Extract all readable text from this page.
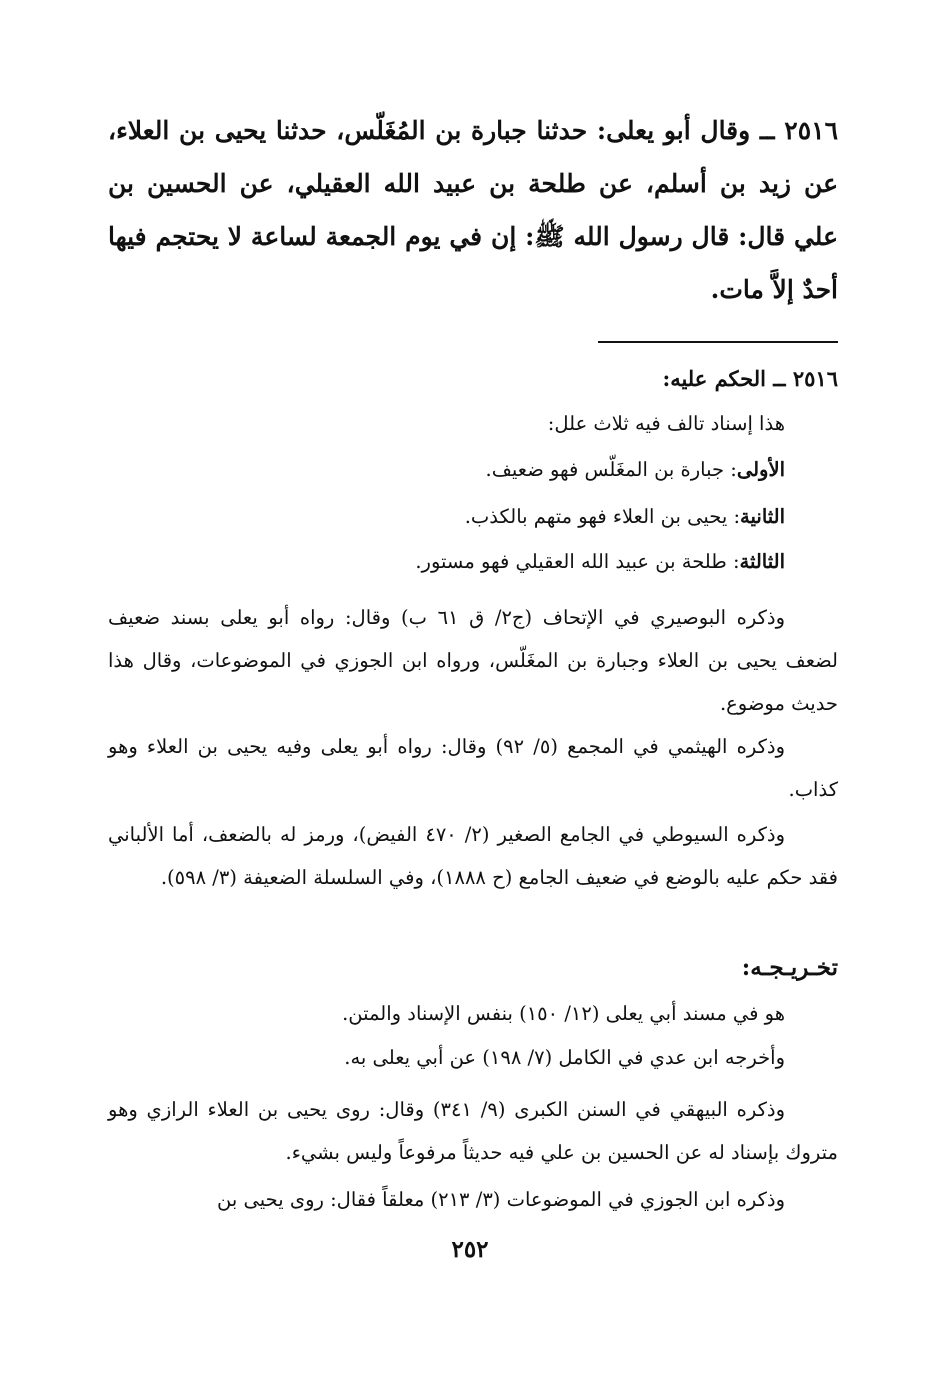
٢٥١٦ ــ وقال أبو يعلى: حدثنا جبارة بن المُغَلّس، حدثنا يحيى بن العلاء، عن زيد بن أسلم، عن طلحة بن عبيد الله العقيلي، عن الحسين بن علي قال: قال رسول الله ﷺ: إن في يوم الجمعة لساعة لا يحتجم فيها أحدٌ إلاَّ مات.
٢٥١٦ ــ الحكم عليه:
هذا إسناد تالف فيه ثلاث علل:
الأولى: جبارة بن المغَلّس فهو ضعيف.
الثانية: يحيى بن العلاء فهو متهم بالكذب.
الثالثة: طلحة بن عبيد الله العقيلي فهو مستور.
وذكره البوصيري في الإتحاف (ج٢/ ق ٦١ ب) وقال: رواه أبو يعلى بسند ضعيف لضعف يحيى بن العلاء وجبارة بن المغَلّس، ورواه ابن الجوزي في الموضوعات، وقال هذا حديث موضوع.
وذكره الهيثمي في المجمع (٥/ ٩٢) وقال: رواه أبو يعلى وفيه يحيى بن العلاء وهو كذاب.
وذكره السيوطي في الجامع الصغير (٢/ ٤٧٠ الفيض)، ورمز له بالضعف، أما الألباني فقد حكم عليه بالوضع في ضعيف الجامع (ح ١٨٨٨)، وفي السلسلة الضعيفة (٣/ ٥٩٨).
تخـريـجـه:
هو في مسند أبي يعلى (١٢/ ١٥٠) بنفس الإسناد والمتن.
وأخرجه ابن عدي في الكامل (٧/ ١٩٨) عن أبي يعلى به.
وذكره البيهقي في السنن الكبرى (٩/ ٣٤١) وقال: روى يحيى بن العلاء الرازي وهو متروك بإسناد له عن الحسين بن علي فيه حديثاً مرفوعاً وليس بشيء.
وذكره ابن الجوزي في الموضوعات (٣/ ٢١٣) معلقاً فقال: روى يحيى بن
٢٥٢
